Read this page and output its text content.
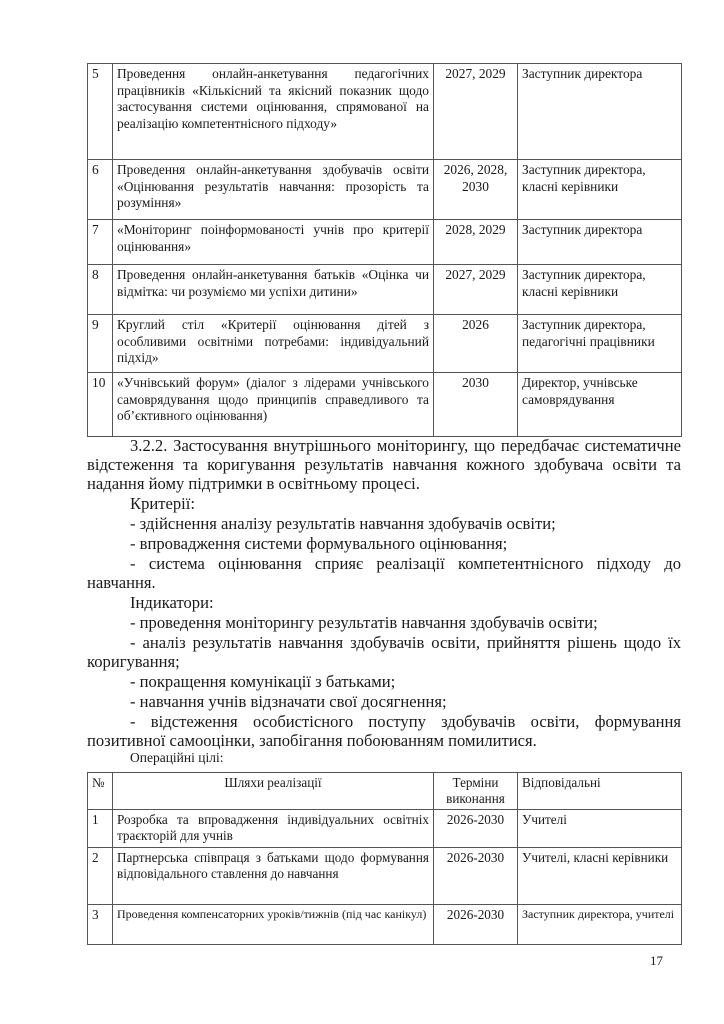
5	Проведення онлайн-анкетування педагогічних працівників «Кількісний та якісний показник щодо застосування системи оцінювання, спрямованої на реалізацію компетентнісного підходу»	2027, 2029	Заступник директора
6	Проведення онлайн-анкетування здобувачів освіти «Оцінювання результатів навчання: прозорість та розуміння»	2026, 2028, 2030	Заступник директора, класні керівники
7	«Моніторинг поінформованості учнів про критерії оцінювання»	2028, 2029	Заступник директора
8	Проведення онлайн-анкетування батьків «Оцінка чи відмітка: чи розуміємо ми успіхи дитини»	2027, 2029	Заступник директора, класні керівники
9	Круглий стіл «Критерії оцінювання дітей з особливими освітніми потребами: індивідуальний підхід»	2026	Заступник директора, педагогічні працівники
10	«Учнівський форум» (діалог з лідерами учнівського самоврядування щодо принципів справедливого та об’єктивного оцінювання)	2030	Директор, учнівське самоврядування

3.2.2. Застосування внутрішнього моніторингу, що передбачає систематичне відстеження та коригування результатів навчання кожного здобувача освіти та надання йому підтримки в освітньому процесі.

Критерії:

- здійснення аналізу результатів навчання здобувачів освіти;

- впровадження системи формувального оцінювання;

- система оцінювання сприяє реалізації компетентнісного підходу до навчання.

Індикатори:

- проведення моніторингу результатів навчання здобувачів освіти;

- аналіз результатів навчання здобувачів освіти, прийняття рішень щодо їх коригування;

- покращення комунікації з батьками;

- навчання учнів відзначати свої досягнення;

- відстеження особистісного поступу здобувачів освіти, формування позитивної самооцінки, запобігання побоюванням помилитися.

Операційні цілі:
№	Шляхи реалізації	Терміни виконання	Відповідальні
1	Розробка та впровадження індивідуальних освітніх траєкторій для учнів	2026-2030	Учителі
2	Партнерська співпраця з батьками щодо формування відповідального ставлення до навчання	2026-2030	Учителі, класні керівники
3	Проведення компенсаторних уроків/тижнів (під час канікул)	2026-2030	Заступник директора, учителі
17
